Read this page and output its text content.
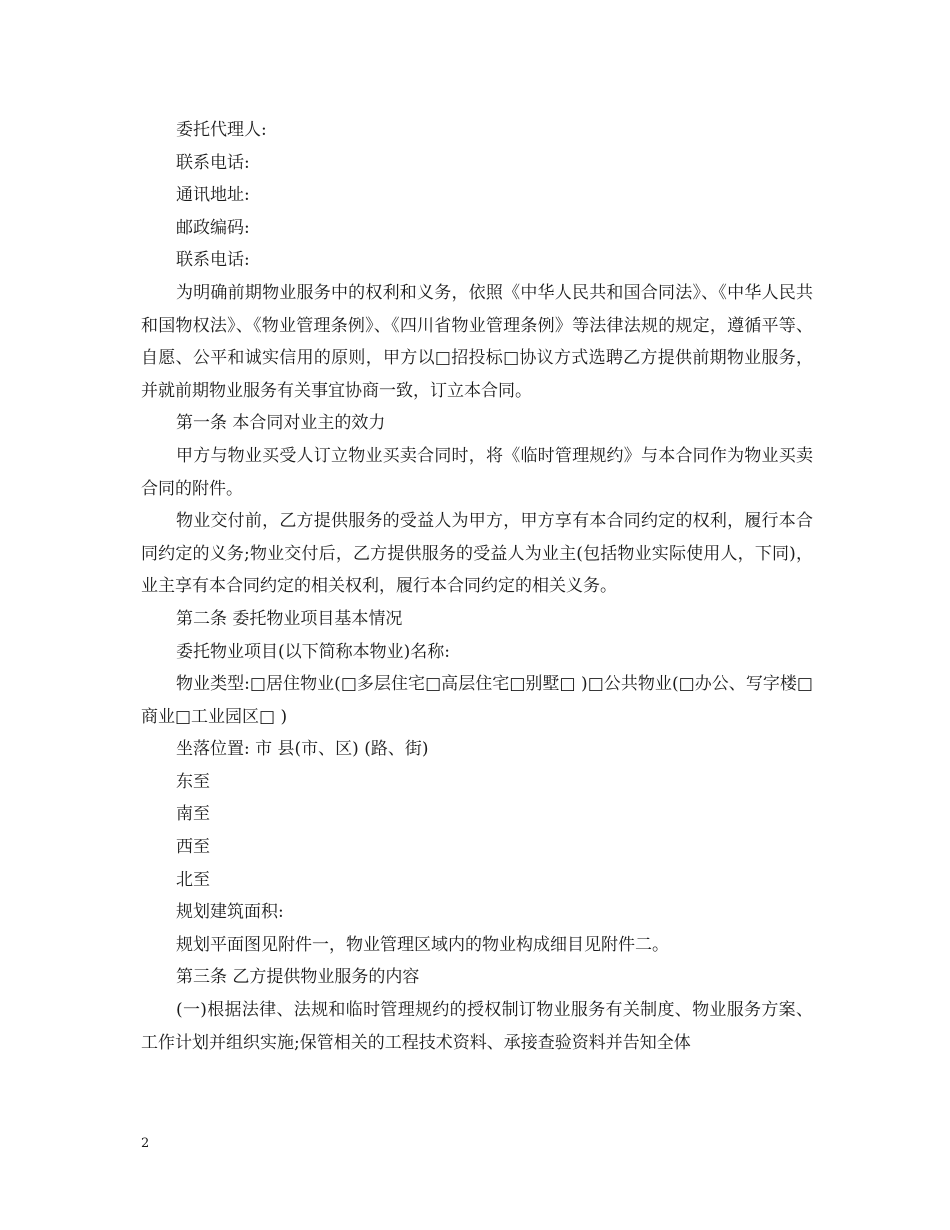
委托代理人:

联系电话:

通讯地址:

邮政编码:

联系电话:

为明确前期物业服务中的权利和义务，依照《中华人民共和国合同法》、《中华人民共和国物权法》、《物业管理条例》、《四川省物业管理条例》等法律法规的规定，遵循平等、自愿、公平和诚实信用的原则，甲方以□招投标□协议方式选聘乙方提供前期物业服务，并就前期物业服务有关事宜协商一致，订立本合同。

第一条 本合同对业主的效力

甲方与物业买受人订立物业买卖合同时，将《临时管理规约》与本合同作为物业买卖合同的附件。

物业交付前，乙方提供服务的受益人为甲方，甲方享有本合同约定的权利，履行本合同约定的义务;物业交付后，乙方提供服务的受益人为业主(包括物业实际使用人，下同)，业主享有本合同约定的相关权利，履行本合同约定的相关义务。

第二条 委托物业项目基本情况

委托物业项目(以下简称本物业)名称:

物业类型:□居住物业(□多层住宅□高层住宅□别墅□ )□公共物业(□办公、写字楼□商业□工业园区□ )

坐落位置: 市 县(市、区) (路、街)

东至

南至

西至

北至

规划建筑面积:

规划平面图见附件一，物业管理区域内的物业构成细目见附件二。

第三条 乙方提供物业服务的内容

(一)根据法律、法规和临时管理规约的授权制订物业服务有关制度、物业服务方案、工作计划并组织实施;保管相关的工程技术资料、承接查验资料并告知全体

2
